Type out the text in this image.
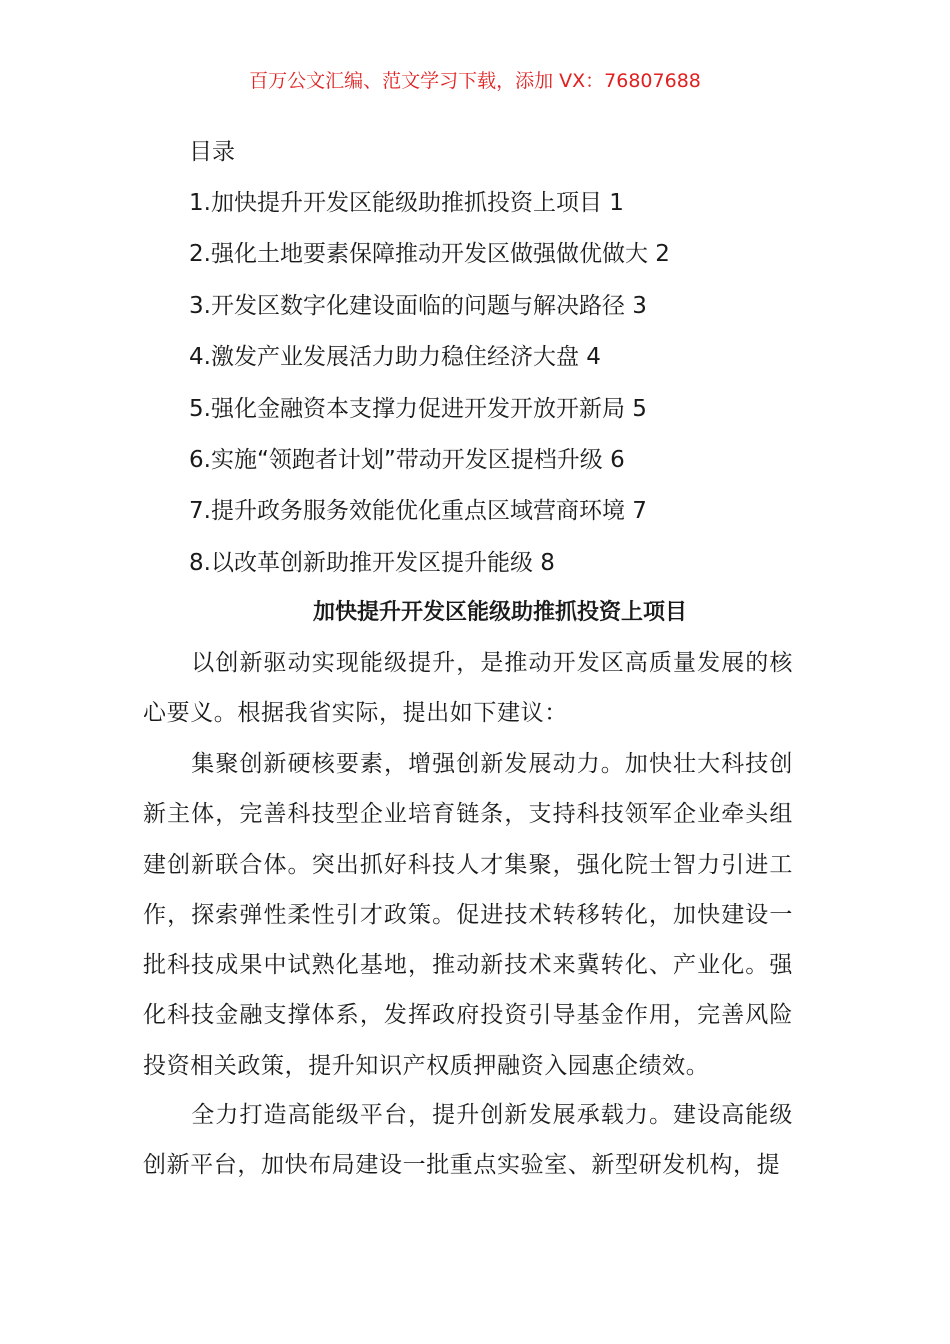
百万公文汇编、范文学习下载，添加 VX：76807688
目录
1.加快提升开发区能级助推抓投资上项目 1
2.强化土地要素保障推动开发区做强做优做大 2
3.开发区数字化建设面临的问题与解决路径 3
4.激发产业发展活力助力稳住经济大盘 4
5.强化金融资本支撑力促进开发开放开新局 5
6.实施“领跑者计划”带动开发区提档升级 6
7.提升政务服务效能优化重点区域营商环境 7
8.以改革创新助推开发区提升能级 8
加快提升开发区能级助推抓投资上项目

以创新驱动实现能级提升，是推动开发区高质量发展的核心要义。根据我省实际，提出如下建议：

集聚创新硬核要素，增强创新发展动力。加快壮大科技创新主体，完善科技型企业培育链条，支持科技领军企业牵头组建创新联合体。突出抓好科技人才集聚，强化院士智力引进工作，探索弹性柔性引才政策。促进技术转移转化，加快建设一批科技成果中试熟化基地，推动新技术来冀转化、产业化。强化科技金融支撑体系，发挥政府投资引导基金作用，完善风险投资相关政策，提升知识产权质押融资入园惠企绩效。

全力打造高能级平台，提升创新发展承载力。建设高能级创新平台，加快布局建设一批重点实验室、新型研发机构，提
